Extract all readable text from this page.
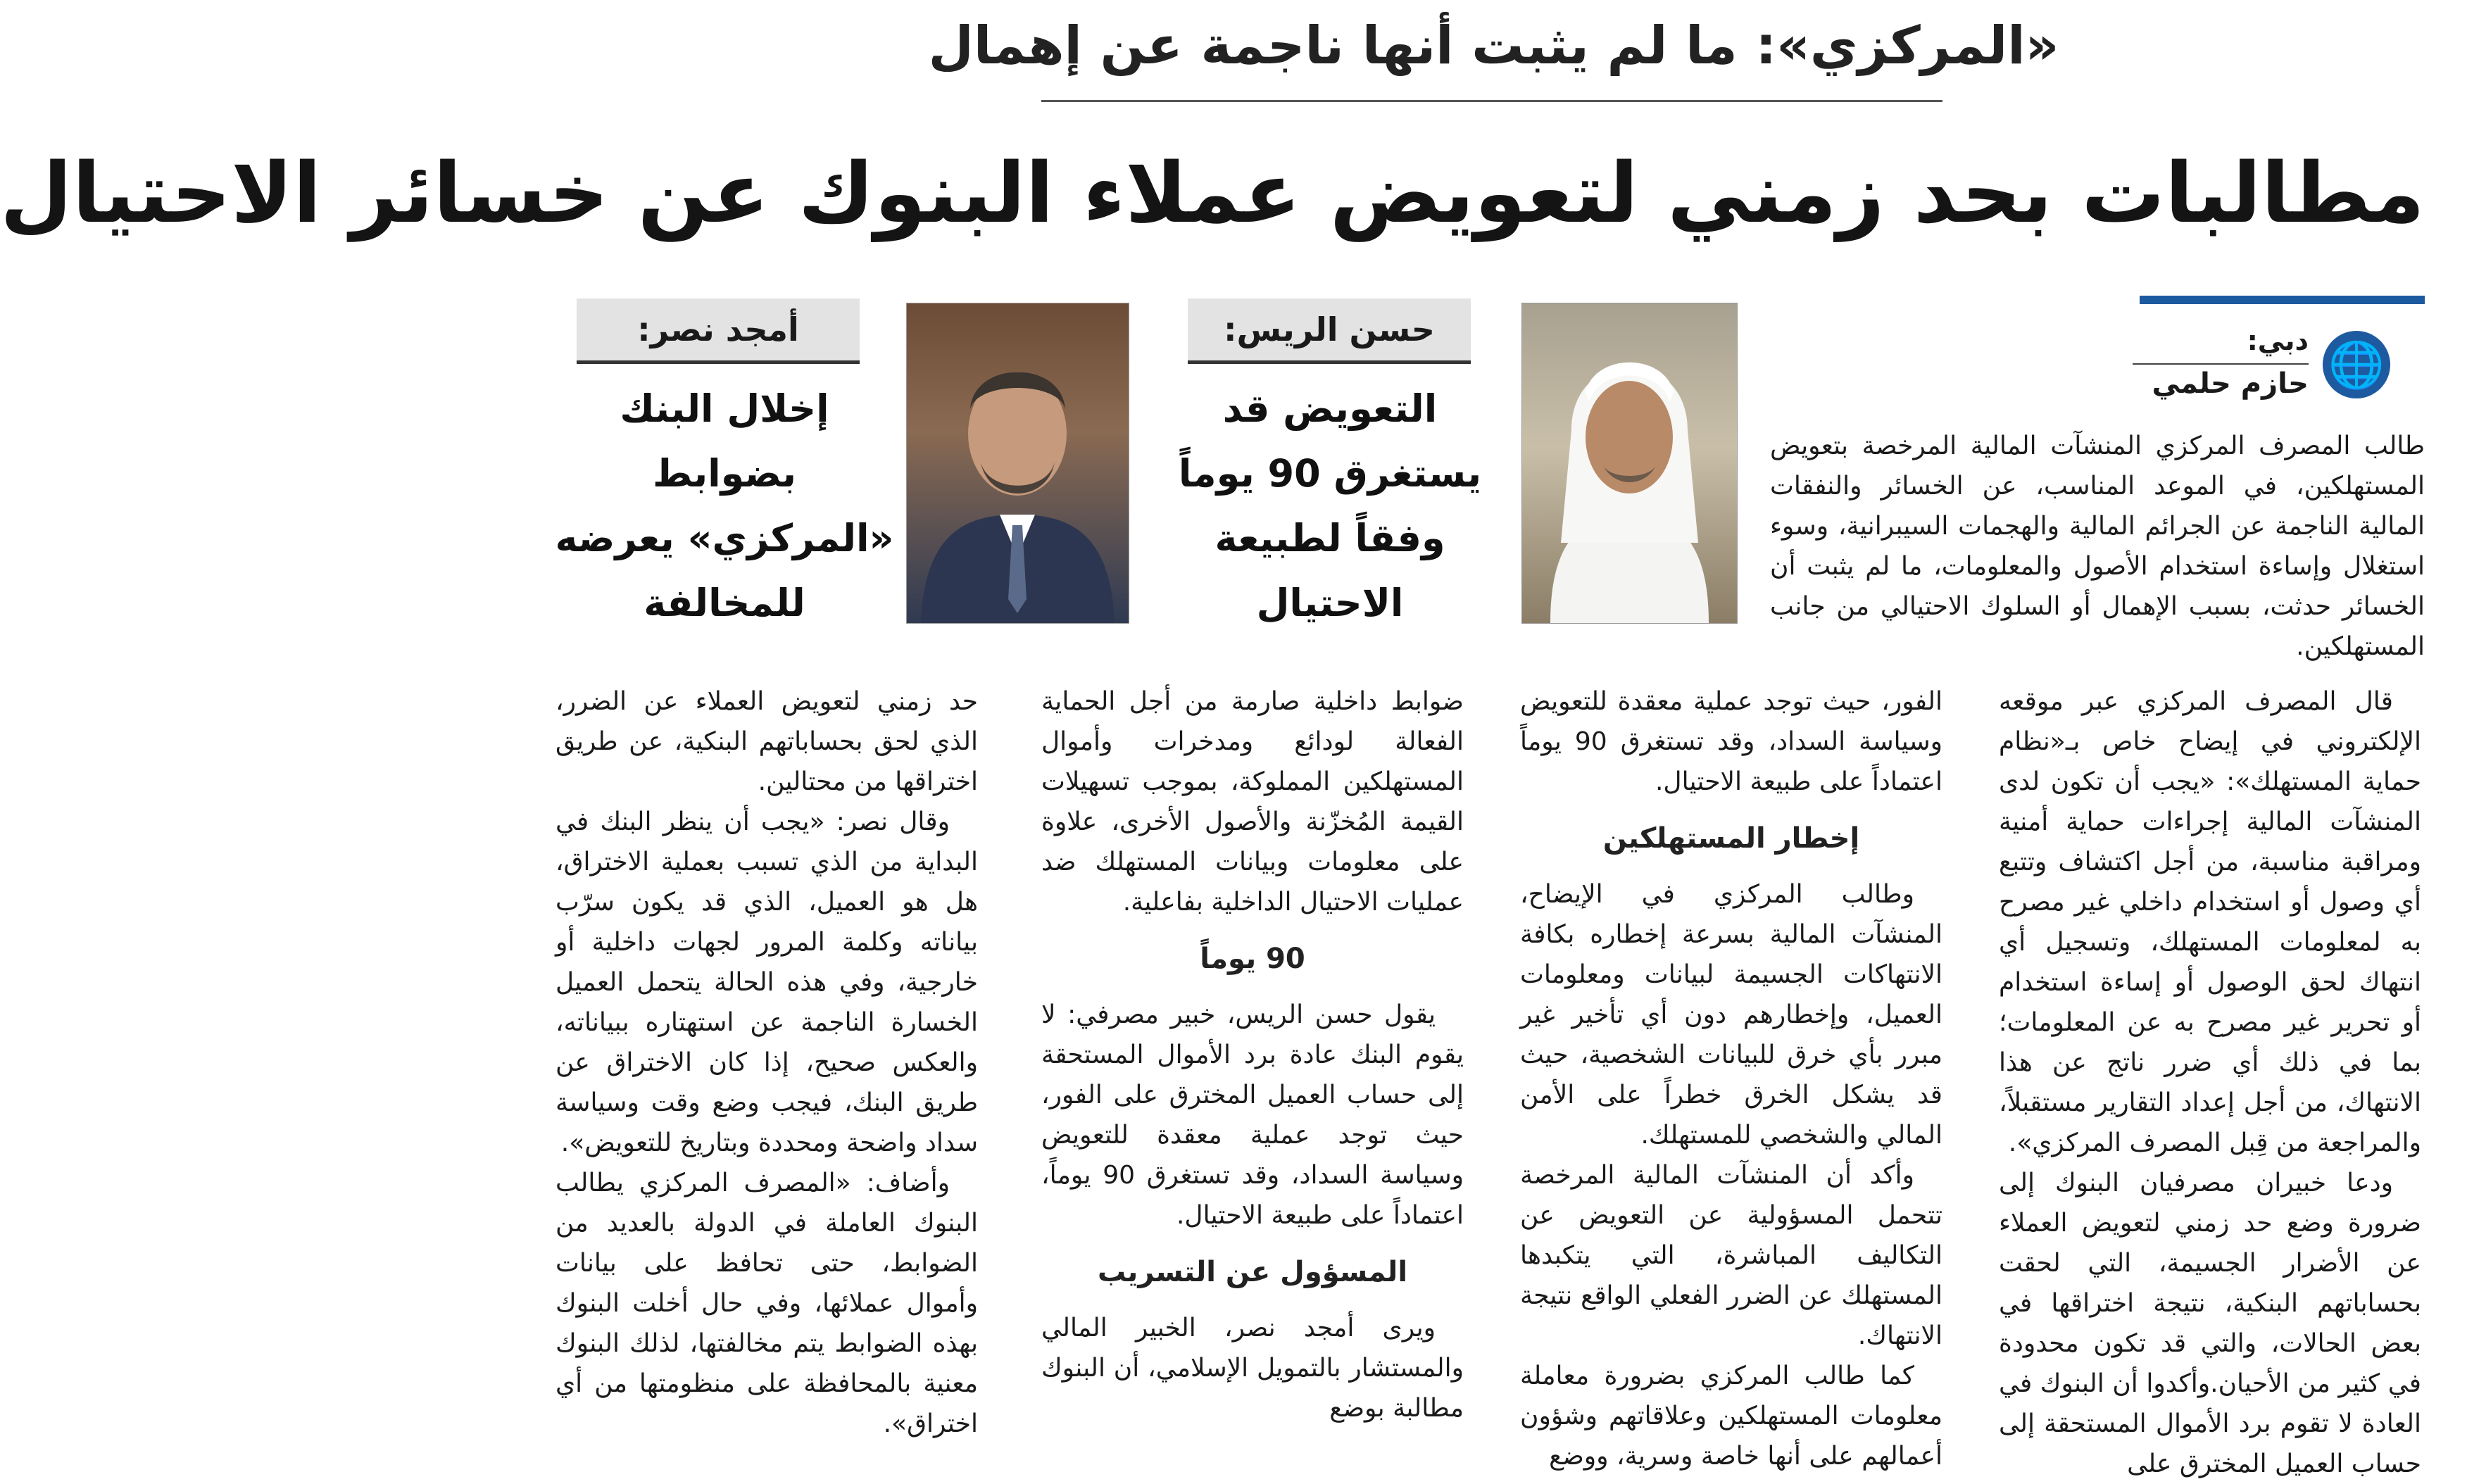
«المركزي»: ما لم يثبت أنها ناجمة عن إهمال
مطالبات بحد زمني لتعويض عملاء البنوك عن خسائر الاحتيال
🌐
دبي:
حازم حلمي
طالب المصرف المركزي المنشآت المالية المرخصة بتعويض المستهلكين، في الموعد المناسب، عن الخسائر والنفقات المالية الناجمة عن الجرائم المالية والهجمات السيبرانية، وسوء استغلال وإساءة استخدام الأصول والمعلومات، ما لم يثبت أن الخسائر حدثت، بسبب الإهمال أو السلوك الاحتيالي من جانب المستهلكين.
حسن الريس:
التعويض قد يستغرق 90 يوماً وفقاً لطبيعة الاحتيال
أمجد نصر:
إخلال البنك بضوابط «المركزي» يعرضه للمخالفة

قال المصرف المركزي عبر موقعه الإلكتروني في إيضاح خاص بـ«نظام حماية المستهلك»: «يجب أن تكون لدى المنشآت المالية إجراءات حماية أمنية ومراقبة مناسبة، من أجل اكتشاف وتتبع أي وصول أو استخدام داخلي غير مصرح به لمعلومات المستهلك، وتسجيل أي انتهاك لحق الوصول أو إساءة استخدام أو تحرير غير مصرح به عن المعلومات؛ بما في ذلك أي ضرر ناتج عن هذا الانتهاك، من أجل إعداد التقارير مستقبلاً، والمراجعة من قِبل المصرف المركزي».

ودعا خبيران مصرفيان البنوك إلى ضرورة وضع حد زمني لتعويض العملاء عن الأضرار الجسيمة، التي لحقت بحساباتهم البنكية، نتيجة اختراقها في بعض الحالات، والتي قد تكون محدودة في كثير من الأحيان.وأكدوا أن البنوك في العادة لا تقوم برد الأموال المستحقة إلى حساب العميل المخترق على

الفور، حيث توجد عملية معقدة للتعويض وسياسة السداد، وقد تستغرق 90 يوماً اعتماداً على طبيعة الاحتيال.

إخطار المستهلكين

وطالب المركزي في الإيضاح، المنشآت المالية بسرعة إخطاره بكافة الانتهاكات الجسيمة لبيانات ومعلومات العميل، وإخطارهم دون أي تأخير غير مبرر بأي خرق للبيانات الشخصية، حيث قد يشكل الخرق خطراً على الأمن المالي والشخصي للمستهلك.

وأكد أن المنشآت المالية المرخصة تتحمل المسؤولية عن التعويض عن التكاليف المباشرة، التي يتكبدها المستهلك عن الضرر الفعلي الواقع نتيجة الانتهاك.

كما طالب المركزي بضرورة معاملة معلومات المستهلكين وعلاقاتهم وشؤون أعمالهم على أنها خاصة وسرية، ووضع

ضوابط داخلية صارمة من أجل الحماية الفعالة لودائع ومدخرات وأموال المستهلكين المملوكة، بموجب تسهيلات القيمة المُخزّنة والأصول الأخرى، علاوة على معلومات وبيانات المستهلك ضد عمليات الاحتيال الداخلية بفاعلية.

90 يوماً

يقول حسن الريس، خبير مصرفي: لا يقوم البنك عادة برد الأموال المستحقة إلى حساب العميل المخترق على الفور، حيث توجد عملية معقدة للتعويض وسياسة السداد، وقد تستغرق 90 يوماً، اعتماداً على طبيعة الاحتيال.

المسؤول عن التسريب

ويرى أمجد نصر، الخبير المالي والمستشار بالتمويل الإسلامي، أن البنوك مطالبة بوضع

حد زمني لتعويض العملاء عن الضرر، الذي لحق بحساباتهم البنكية، عن طريق اختراقها من محتالين.

وقال نصر: «يجب أن ينظر البنك في البداية من الذي تسبب بعملية الاختراق، هل هو العميل، الذي قد يكون سرّب بياناته وكلمة المرور لجهات داخلية أو خارجية، وفي هذه الحالة يتحمل العميل الخسارة الناجمة عن استهتاره ببياناته، والعكس صحيح، إذا كان الاختراق عن طريق البنك، فيجب وضع وقت وسياسة سداد واضحة ومحددة وبتاريخ للتعويض».

وأضاف: «المصرف المركزي يطالب البنوك العاملة في الدولة بالعديد من الضوابط، حتى تحافظ على بيانات وأموال عملائها، وفي حال أخلت البنوك بهذه الضوابط يتم مخالفتها، لذلك البنوك معنية بالمحافظة على منظومتها من أي اختراق».
